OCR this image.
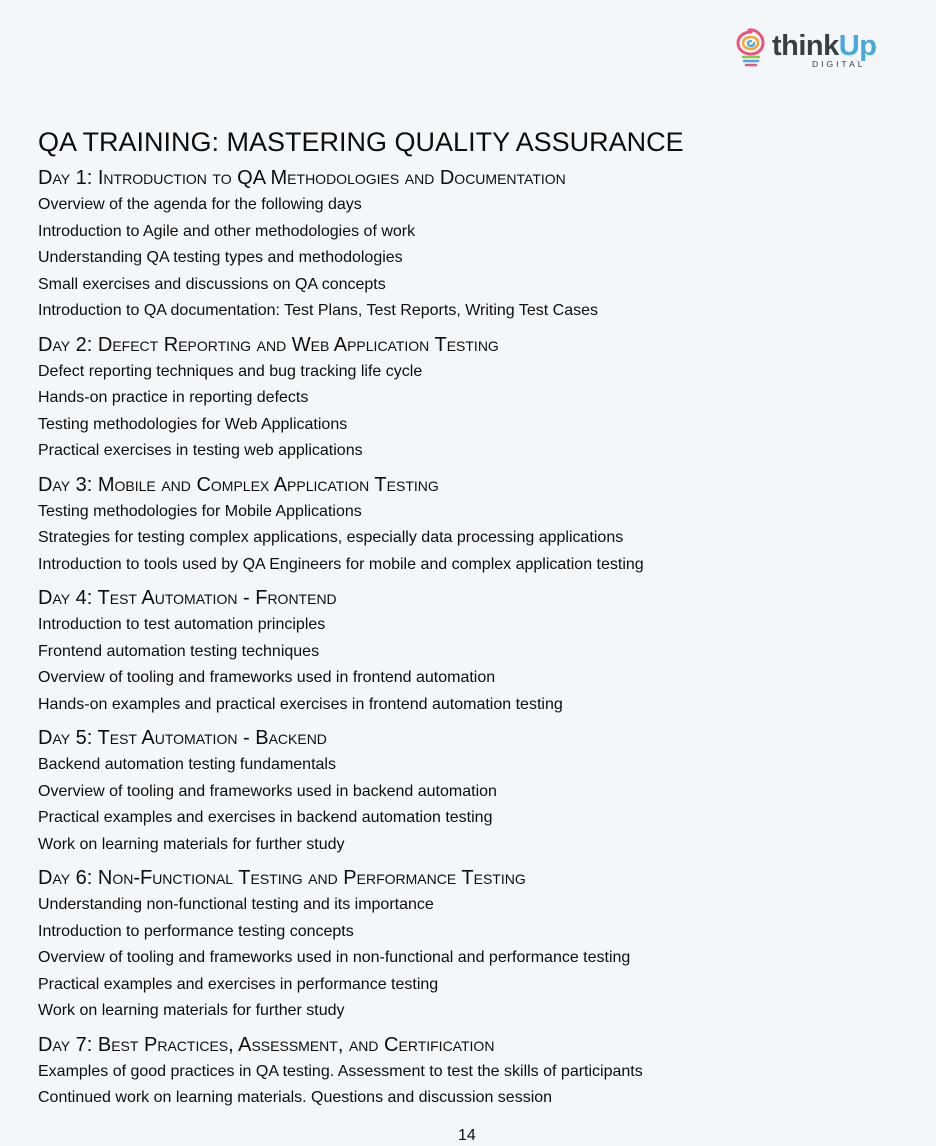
thinkUp
DIGITAL
QA TRAINING: MASTERING QUALITY ASSURANCE
Day 1: Introduction to QA Methodologies and Documentation
Overview of the agenda for the following days
Introduction to Agile and other methodologies of work
Understanding QA testing types and methodologies
Small exercises and discussions on QA concepts
Introduction to QA documentation: Test Plans, Test Reports, Writing Test Cases
Day 2: Defect Reporting and Web Application Testing
Defect reporting techniques and bug tracking life cycle
Hands-on practice in reporting defects
Testing methodologies for Web Applications
Practical exercises in testing web applications
Day 3: Mobile and Complex Application Testing
Testing methodologies for Mobile Applications
Strategies for testing complex applications, especially data processing applications
Introduction to tools used by QA Engineers for mobile and complex application testing
Day 4: Test Automation - Frontend
Introduction to test automation principles
Frontend automation testing techniques
Overview of tooling and frameworks used in frontend automation
Hands-on examples and practical exercises in frontend automation testing
Day 5: Test Automation - Backend
Backend automation testing fundamentals
Overview of tooling and frameworks used in backend automation
Practical examples and exercises in backend automation testing
Work on learning materials for further study
Day 6: Non-Functional Testing and Performance Testing
Understanding non-functional testing and its importance
Introduction to performance testing concepts
Overview of tooling and frameworks used in non-functional and performance testing
Practical examples and exercises in performance testing
Work on learning materials for further study
Day 7: Best Practices, Assessment, and Certification
Examples of good practices in QA testing. Assessment to test the skills of participants
Continued work on learning materials. Questions and discussion session
14
